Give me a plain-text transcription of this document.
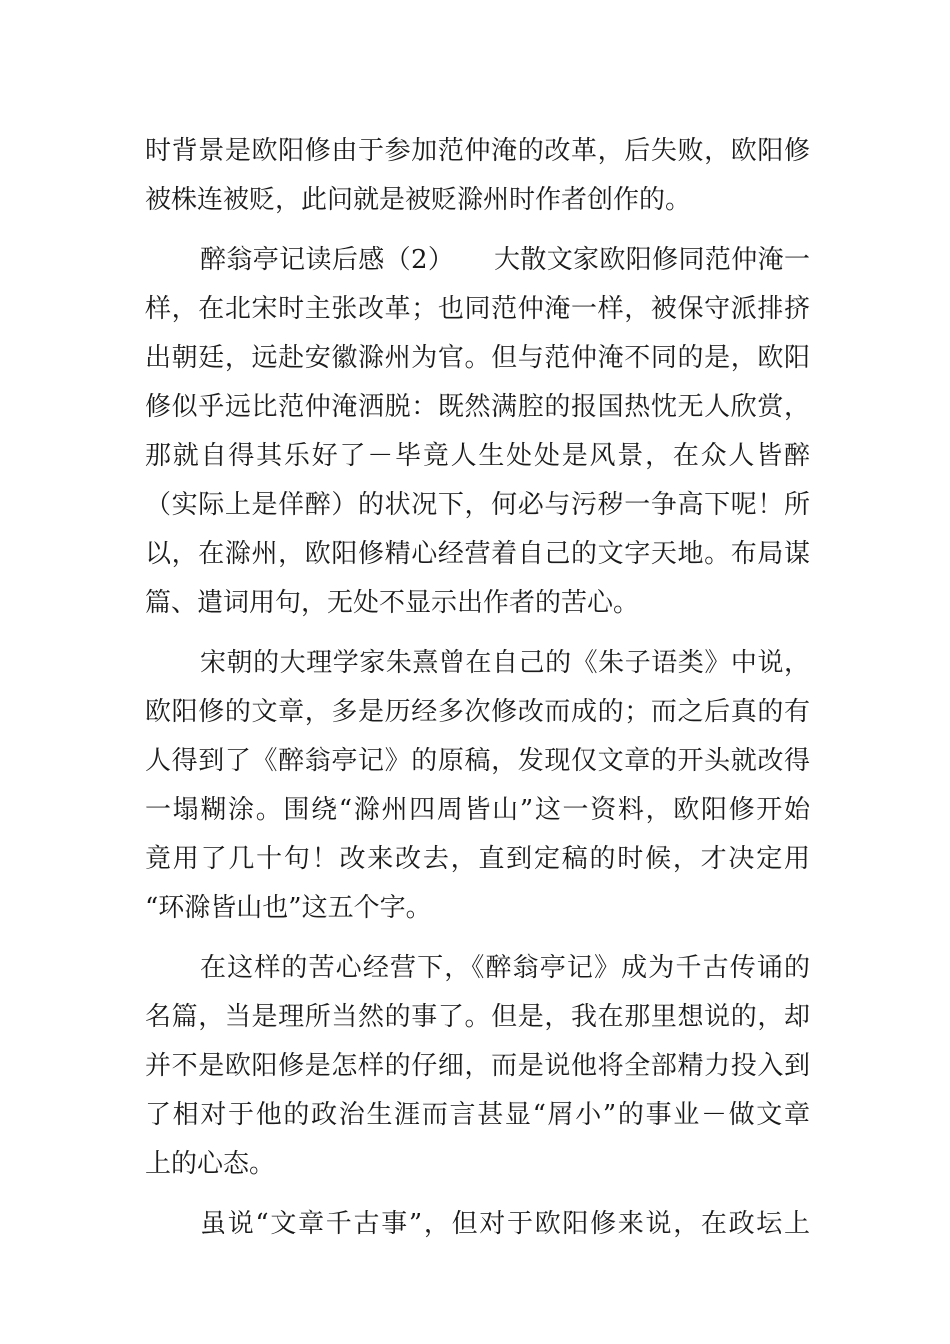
时背景是欧阳修由于参加范仲淹的改革，后失败，欧阳修
被株连被贬，此问就是被贬滁州时作者创作的。
醉翁亭记读后感（2）　　大散文家欧阳修同范仲淹一
样，在北宋时主张改革；也同范仲淹一样，被保守派排挤
出朝廷，远赴安徽滁州为官。但与范仲淹不同的是，欧阳
修似乎远比范仲淹洒脱：既然满腔的报国热忱无人欣赏，
那就自得其乐好了－毕竟人生处处是风景，在众人皆醉
（实际上是佯醉）的状况下，何必与污秽一争高下呢！所
以，在滁州，欧阳修精心经营着自己的文字天地。布局谋
篇、遣词用句，无处不显示出作者的苦心。
宋朝的大理学家朱熹曾在自己的《朱子语类》中说，
欧阳修的文章，多是历经多次修改而成的；而之后真的有
人得到了《醉翁亭记》的原稿，发现仅文章的开头就改得
一塌糊涂。围绕“滁州四周皆山”这一资料，欧阳修开始
竟用了几十句！改来改去，直到定稿的时候，才决定用
“环滁皆山也”这五个字。
在这样的苦心经营下，《醉翁亭记》成为千古传诵的
名篇，当是理所当然的事了。但是，我在那里想说的，却
并不是欧阳修是怎样的仔细，而是说他将全部精力投入到
了相对于他的政治生涯而言甚显“屑小”的事业－做文章
上的心态。
虽说“文章千古事”，但对于欧阳修来说，在政坛上
